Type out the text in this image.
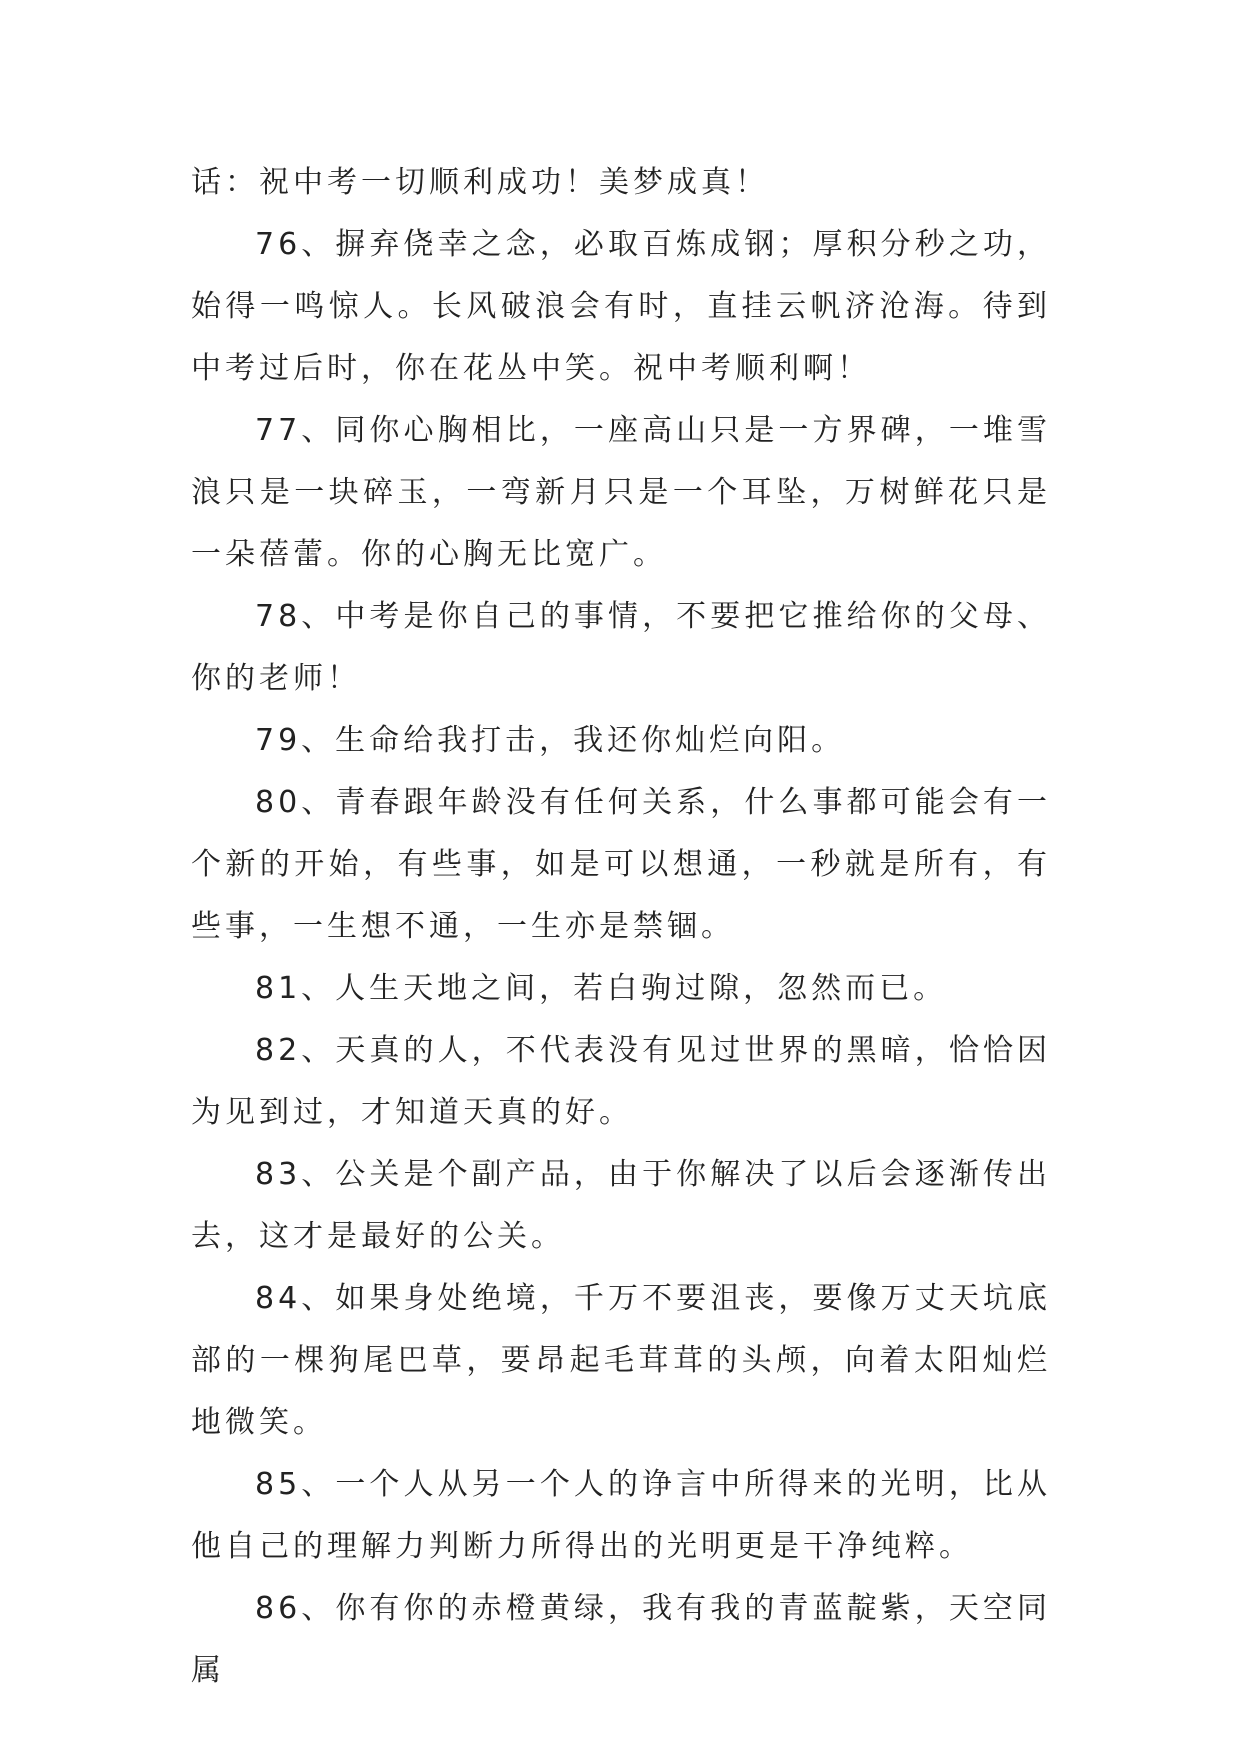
话：祝中考一切顺利成功！美梦成真！

76、摒弃侥幸之念，必取百炼成钢；厚积分秒之功，始得一鸣惊人。长风破浪会有时，直挂云帆济沧海。待到中考过后时，你在花丛中笑。祝中考顺利啊！

77、同你心胸相比，一座高山只是一方界碑，一堆雪浪只是一块碎玉，一弯新月只是一个耳坠，万树鲜花只是一朵蓓蕾。你的心胸无比宽广。

78、中考是你自己的事情，不要把它推给你的父母、你的老师！

79、生命给我打击，我还你灿烂向阳。

80、青春跟年龄没有任何关系，什么事都可能会有一个新的开始，有些事，如是可以想通，一秒就是所有，有些事，一生想不通，一生亦是禁锢。

81、人生天地之间，若白驹过隙，忽然而已。

82、天真的人，不代表没有见过世界的黑暗，恰恰因为见到过，才知道天真的好。

83、公关是个副产品，由于你解决了以后会逐渐传出去，这才是最好的公关。

84、如果身处绝境，千万不要沮丧，要像万丈天坑底部的一棵狗尾巴草，要昂起毛茸茸的头颅，向着太阳灿烂地微笑。

85、一个人从另一个人的诤言中所得来的光明，比从他自己的理解力判断力所得出的光明更是干净纯粹。

86、你有你的赤橙黄绿，我有我的青蓝靛紫，天空同属
